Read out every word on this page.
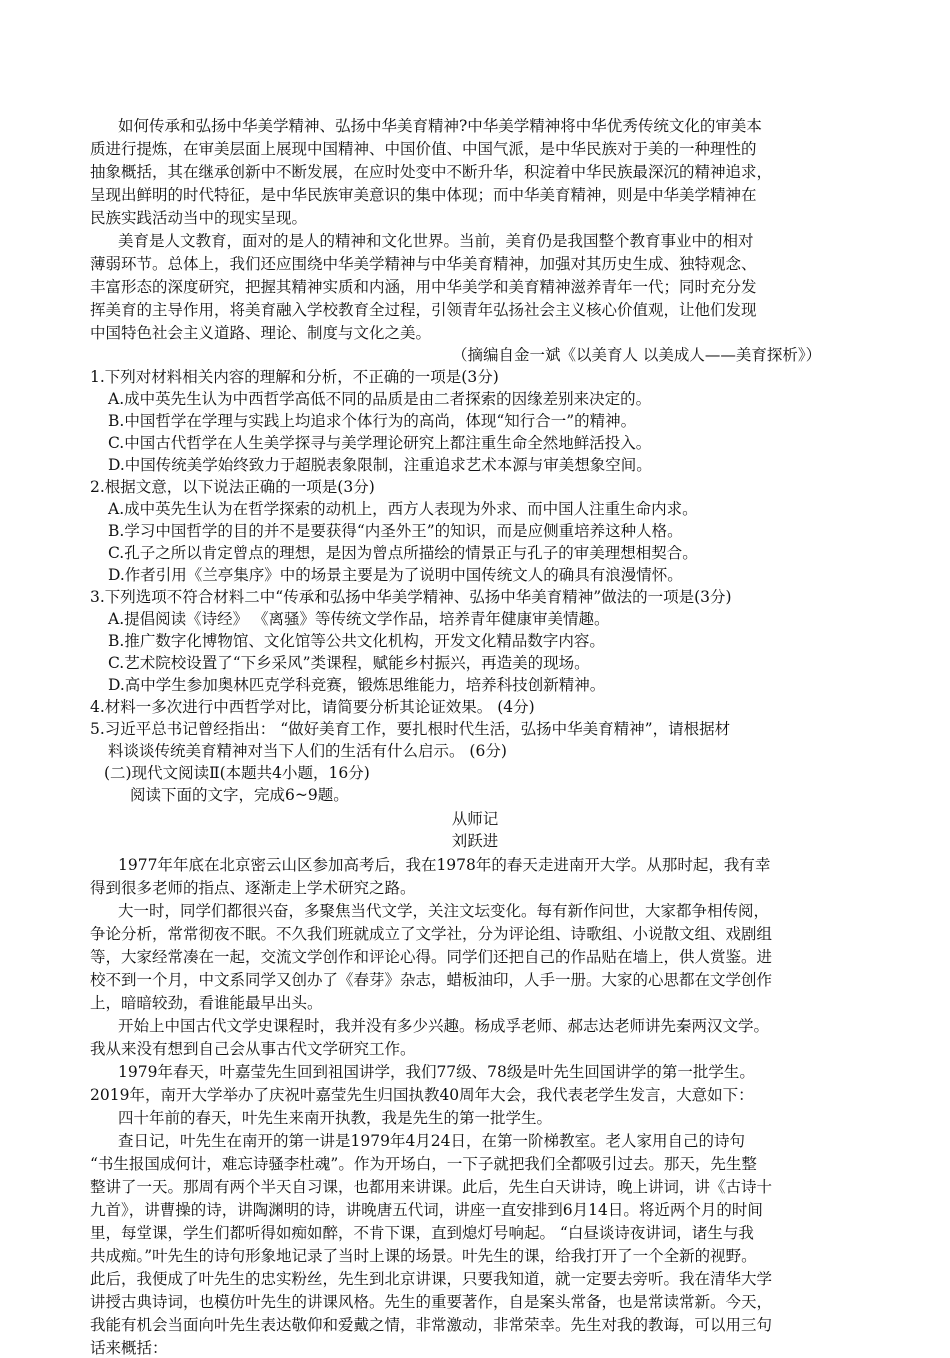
如何传承和弘扬中华美学精神、弘扬中华美育精神?中华美学精神将中华优秀传统文化的审美本
质进行提炼，在审美层面上展现中国精神、中国价值、中国气派，是中华民族对于美的一种理性的
抽象概括，其在继承创新中不断发展，在应时处变中不断升华，积淀着中华民族最深沉的精神追求，
呈现出鲜明的时代特征，是中华民族审美意识的集中体现；而中华美育精神，则是中华美学精神在
民族实践活动当中的现实呈现。
美育是人文教育，面对的是人的精神和文化世界。当前，美育仍是我国整个教育事业中的相对
薄弱环节。总体上，我们还应围绕中华美学精神与中华美育精神，加强对其历史生成、独特观念、
丰富形态的深度研究，把握其精神实质和内涵，用中华美学和美育精神滋养青年一代；同时充分发
挥美育的主导作用，将美育融入学校教育全过程，引领青年弘扬社会主义核心价值观，让他们发现
中国特色社会主义道路、理论、制度与文化之美。
（摘编自金一斌《以美育人 以美成人——美育探析》）
1.下列对材料相关内容的理解和分析，不正确的一项是(3分)
A.成中英先生认为中西哲学高低不同的品质是由二者探索的因缘差别来决定的。
B.中国哲学在学理与实践上均追求个体行为的高尚，体现“知行合一”的精神。
C.中国古代哲学在人生美学探寻与美学理论研究上都注重生命全然地鲜活投入。
D.中国传统美学始终致力于超脱表象限制，注重追求艺术本源与审美想象空间。
2.根据文意，以下说法正确的一项是(3分)
A.成中英先生认为在哲学探索的动机上，西方人表现为外求、而中国人注重生命内求。
B.学习中国哲学的目的并不是要获得“内圣外王”的知识，而是应侧重培养这种人格。
C.孔子之所以肯定曾点的理想，是因为曾点所描绘的情景正与孔子的审美理想相契合。
D.作者引用《兰亭集序》中的场景主要是为了说明中国传统文人的确具有浪漫情怀。
3.下列选项不符合材料二中“传承和弘扬中华美学精神、弘扬中华美育精神”做法的一项是(3分)
A.提倡阅读《诗经》 《离骚》等传统文学作品，培养青年健康审美情趣。
B.推广数字化博物馆、文化馆等公共文化机构，开发文化精品数字内容。
C.艺术院校设置了“下乡采风”类课程，赋能乡村振兴，再造美的现场。
D.高中学生参加奥林匹克学科竞赛，锻炼思维能力，培养科技创新精神。
4.材料一多次进行中西哲学对比，请简要分析其论证效果。 (4分)
5.习近平总书记曾经指出： “做好美育工作，要扎根时代生活，弘扬中华美育精神”，请根据材
料谈谈传统美育精神对当下人们的生活有什么启示。 (6分)
(二)现代文阅读Ⅱ(本题共4小题，16分)
阅读下面的文字，完成6~9题。
从师记
刘跃进
1977年年底在北京密云山区参加高考后，我在1978年的春天走进南开大学。从那时起，我有幸
得到很多老师的指点、逐渐走上学术研究之路。
大一时，同学们都很兴奋，多聚焦当代文学，关注文坛变化。每有新作问世，大家都争相传阅，
争论分析，常常彻夜不眠。不久我们班就成立了文学社，分为评论组、诗歌组、小说散文组、戏剧组
等，大家经常凑在一起，交流文学创作和评论心得。同学们还把自己的作品贴在墙上，供人赏鉴。进
校不到一个月，中文系同学又创办了《春芽》杂志，蜡板油印，人手一册。大家的心思都在文学创作
上，暗暗较劲，看谁能最早出头。
开始上中国古代文学史课程时，我并没有多少兴趣。杨成孚老师、郝志达老师讲先秦两汉文学。
我从来没有想到自己会从事古代文学研究工作。
1979年春天，叶嘉莹先生回到祖国讲学，我们77级、78级是叶先生回国讲学的第一批学生。
2019年，南开大学举办了庆祝叶嘉莹先生归国执教40周年大会，我代表老学生发言，大意如下：
四十年前的春天，叶先生来南开执教，我是先生的第一批学生。
查日记，叶先生在南开的第一讲是1979年4月24日，在第一阶梯教室。老人家用自己的诗句
“书生报国成何计，难忘诗骚李杜魂”。作为开场白，一下子就把我们全都吸引过去。那天，先生整
整讲了一天。那周有两个半天自习课，也都用来讲课。此后，先生白天讲诗，晚上讲词，讲《古诗十
九首》，讲曹操的诗，讲陶渊明的诗，讲晚唐五代词，讲座一直安排到6月14日。将近两个月的时间
里，每堂课，学生们都听得如痴如醉，不肯下课，直到熄灯号响起。 “白昼谈诗夜讲词，诸生与我
共成痴。”叶先生的诗句形象地记录了当时上课的场景。叶先生的课，给我打开了一个全新的视野。
此后，我便成了叶先生的忠实粉丝，先生到北京讲课，只要我知道，就一定要去旁听。我在清华大学
讲授古典诗词，也模仿叶先生的讲课风格。先生的重要著作，自是案头常备，也是常读常新。今天，
我能有机会当面向叶先生表达敬仰和爱戴之情，非常激动，非常荣幸。先生对我的教诲，可以用三句
话来概括：
